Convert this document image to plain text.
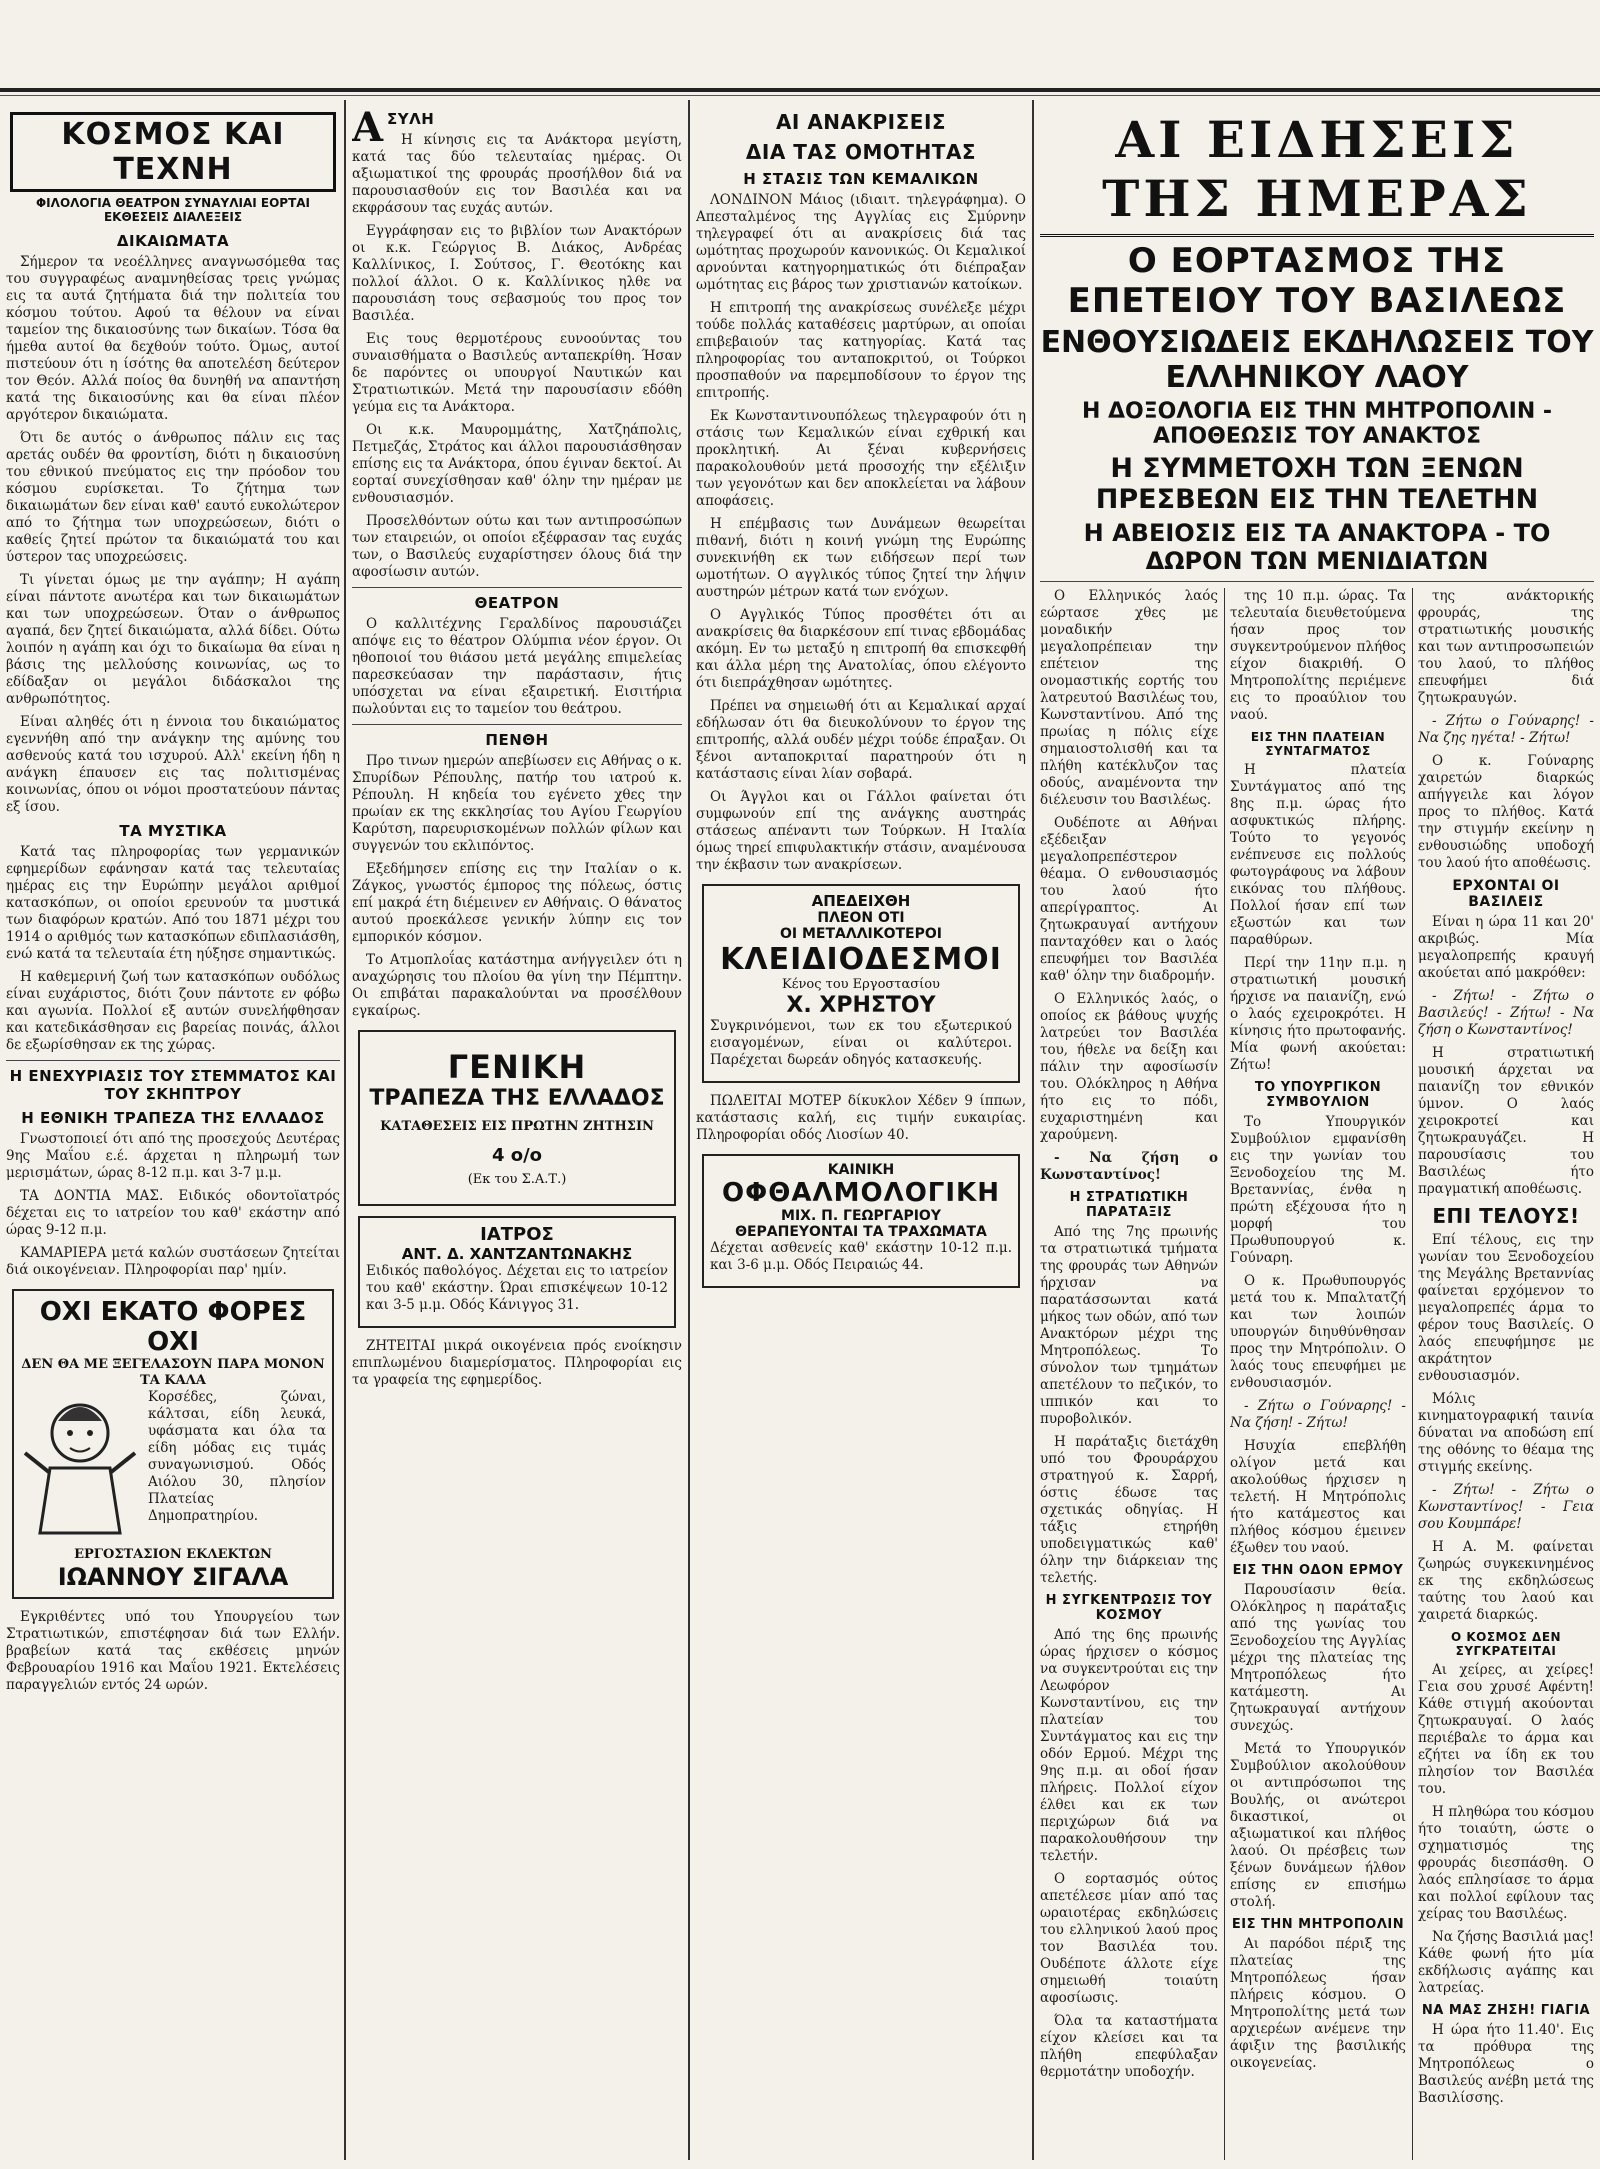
ΚΟΣΜΟΣ ΚΑΙ ΤΕΧΝΗ
ΦΙΛΟΛΟΓΙΑ ΘΕΑΤΡΟΝ ΣΥΝΑΥΛΙΑΙ ΕΟΡΤΑΙ ΕΚΘΕΣΕΙΣ ΔΙΑΛΕΞΕΙΣ
ΔΙΚΑΙΩΜΑΤΑ

Σήμερον τα νεοέλληνες αναγνωσόμεθα τας του συγγραφέως αναμνηθείσας τρεις γνώμας εις τα αυτά ζητήματα διά την πολιτεία του κόσμου τούτου. Αφού τα θέλουν να είναι ταμείον της δικαιοσύνης των δικαίων. Τόσα θα ήμεθα αυτοί θα δεχθούν τούτο. Όμως, αυτοί πιστεύουν ότι η ίσότης θα αποτελέση δεύτερον τον Θεόν. Αλλά ποίος θα δυνηθή να απαντήση κατά της δικαιοσύνης και θα είναι πλέον αργότερον δικαιώματα.

Ότι δε αυτός ο άνθρωπος πάλιν εις τας αρετάς ουδέν θα φροντίση, διότι η δικαιοσύνη του εθνικού πνεύματος εις την πρόοδον του κόσμου ευρίσκεται. Το ζήτημα των δικαιωμάτων δεν είναι καθ' εαυτό ευκολώτερον από το ζήτημα των υποχρεώσεων, διότι ο καθείς ζητεί πρώτον τα δικαιώματά του και ύστερον τας υποχρεώσεις.

Τι γίνεται όμως με την αγάπην; Η αγάπη είναι πάντοτε ανωτέρα και των δικαιωμάτων και των υποχρεώσεων. Όταν ο άνθρωπος αγαπά, δεν ζητεί δικαιώματα, αλλά δίδει. Ούτω λοιπόν η αγάπη και όχι το δικαίωμα θα είναι η βάσις της μελλούσης κοινωνίας, ως το εδίδαξαν οι μεγάλοι διδάσκαλοι της ανθρωπότητος.

Είναι αληθές ότι η έννοια του δικαιώματος εγεννήθη από την ανάγκην της αμύνης του ασθενούς κατά του ισχυρού. Αλλ' εκείνη ήδη η ανάγκη έπαυσεν εις τας πολιτισμένας κοινωνίας, όπου οι νόμοι προστατεύουν πάντας εξ ίσου.

ΤΑ ΜΥΣΤΙΚΑ

Κατά τας πληροφορίας των γερμανικών εφημερίδων εφάνησαν κατά τας τελευταίας ημέρας εις την Ευρώπην μεγάλοι αριθμοί κατασκόπων, οι οποίοι ερευνούν τα μυστικά των διαφόρων κρατών. Από του 1871 μέχρι του 1914 ο αριθμός των κατασκόπων εδιπλασιάσθη, ενώ κατά τα τελευταία έτη ηύξησε σημαντικώς.

Η καθεμερινή ζωή των κατασκόπων ουδόλως είναι ευχάριστος, διότι ζουν πάντοτε εν φόβω και αγωνία. Πολλοί εξ αυτών συνελήφθησαν και κατεδικάσθησαν εις βαρείας ποινάς, άλλοι δε εξωρίσθησαν εκ της χώρας.

Η ΕΝΕΧΥΡΙΑΣΙΣ ΤΟΥ ΣΤΕΜΜΑΤΟΣ ΚΑΙ ΤΟΥ ΣΚΗΠΤΡΟΥ
Η ΕΘΝΙΚΗ ΤΡΑΠΕΖΑ ΤΗΣ ΕΛΛΑΔΟΣ

Γνωστοποιεί ότι από της προσεχούς Δευτέρας 9ης Μαΐου ε.έ. άρχεται η πληρωμή των μερισμάτων, ώρας 8-12 π.μ. και 3-7 μ.μ.

ΤΑ ΔΟΝΤΙΑ ΜΑΣ. Ειδικός οδοντοϊατρός δέχεται εις το ιατρείον του καθ' εκάστην από ώρας 9-12 π.μ.

ΚΑΜΑΡΙΕΡΑ μετά καλών συστάσεων ζητείται διά οικογένειαν. Πληροφορίαι παρ' ημίν.

ΟΧΙ ΕΚΑΤΟ ΦΟΡΕΣ ΟΧΙ
ΔΕΝ ΘΑ ΜΕ ΞΕΓΕΛΑΣΟΥΝ ΠΑΡΑ ΜΟΝΟΝ ΤΑ ΚΑΛΑ

Κορσέδες, ζώναι, κάλτσαι, είδη λευκά, υφάσματα και όλα τα είδη μόδας εις τιμάς συναγωνισμού. Οδός Αιόλου 30, πλησίον Πλατείας Δημοπρατηρίου.

ΕΡΓΟΣΤΑΣΙΟΝ ΕΚΛΕΚΤΩΝ
ΙΩΑΝΝΟΥ ΣΙΓΑΛΑ

Εγκριθέντες υπό του Υπουργείου των Στρατιωτικών, επιστέφησαν διά των Ελλήν. βραβείων κατά τας εκθέσεις μηνών Φεβρουαρίου 1916 και Μαΐου 1921. Εκτελέσεις παραγγελιών εντός 24 ωρών.

Α ΣΥΛΗ

Η κίνησις εις τα Ανάκτορα μεγίστη, κατά τας δύο τελευταίας ημέρας. Οι αξιωματικοί της φρουράς προσήλθον διά να παρουσιασθούν εις τον Βασιλέα και να εκφράσουν τας ευχάς αυτών.

Εγγράφησαν εις το βιβλίον των Ανακτόρων οι κ.κ. Γεώργιος Β. Διάκος, Ανδρέας Καλλίνικος, Ι. Σούτσος, Γ. Θεοτόκης και πολλοί άλλοι. Ο κ. Καλλίνικος ηλθε να παρουσιάση τους σεβασμούς του προς τον Βασιλέα.

Εις τους θερμοτέρους ευνοούντας του συναισθήματα ο Βασιλεύς ανταπεκρίθη. Ήσαν δε παρόντες οι υπουργοί Ναυτικών και Στρατιωτικών. Μετά την παρουσίασιν εδόθη γεύμα εις τα Ανάκτορα.

Οι κ.κ. Μαυρομμάτης, Χατζηάπολις, Πετμεζάς, Στράτος και άλλοι παρουσιάσθησαν επίσης εις τα Ανάκτορα, όπου έγιναν δεκτοί. Αι εορταί συνεχίσθησαν καθ' όλην την ημέραν με ενθουσιασμόν.

Προσελθόντων ούτω και των αντιπροσώπων των εταιρειών, οι οποίοι εξέφρασαν τας ευχάς των, ο Βασιλεύς ευχαρίστησεν όλους διά την αφοσίωσιν αυτών.

ΘΕΑΤΡΟΝ

Ο καλλιτέχνης Γεραλδίνος παρουσιάζει απόψε εις το θέατρον Ολύμπια νέον έργον. Οι ηθοποιοί του θιάσου μετά μεγάλης επιμελείας παρεσκεύασαν την παράστασιν, ήτις υπόσχεται να είναι εξαιρετική. Εισιτήρια πωλούνται εις το ταμείον του θεάτρου.

ΠΕΝΘΗ

Προ τινων ημερών απεβίωσεν εις Αθήνας ο κ. Σπυρίδων Ρέπουλης, πατήρ του ιατρού κ. Ρέπουλη. Η κηδεία του εγένετο χθες την πρωίαν εκ της εκκλησίας του Αγίου Γεωργίου Καρύτση, παρευρισκομένων πολλών φίλων και συγγενών του εκλιπόντος.

Εξεδήμησεν επίσης εις την Ιταλίαν ο κ. Ζάγκος, γνωστός έμπορος της πόλεως, όστις επί μακρά έτη διέμεινεν εν Αθήναις. Ο θάνατος αυτού προεκάλεσε γενικήν λύπην εις τον εμπορικόν κόσμον.

Το Ατμοπλοΐας κατάστημα ανήγγειλεν ότι η αναχώρησις του πλοίου θα γίνη την Πέμπτην. Οι επιβάται παρακαλούνται να προσέλθουν εγκαίρως.

ΓΕΝΙΚΗ
ΤΡΑΠΕΖΑ ΤΗΣ ΕΛΛΑΔΟΣ
ΚΑΤΑΘΕΣΕΙΣ ΕΙΣ ΠΡΩΤΗΝ ΖΗΤΗΣΙΝ
4 ο/ο
(Εκ του Σ.Α.Τ.)
ΙΑΤΡΟΣ
ΑΝΤ. Δ. ΧΑΝΤΖΑΝΤΩΝΑΚΗΣ

Ειδικός παθολόγος. Δέχεται εις το ιατρείον του καθ' εκάστην. Ώραι επισκέψεων 10-12 και 3-5 μ.μ. Οδός Κάνιγγος 31.

ΖΗΤΕΙΤΑΙ μικρά οικογένεια πρός ενοίκησιν επιπλωμένου διαμερίσματος. Πληροφορίαι εις τα γραφεία της εφημερίδος.

ΑΙ ΑΝΑΚΡΙΣΕΙΣ
ΔΙΑ ΤΑΣ ΟΜΟΤΗΤΑΣ
Η ΣΤΑΣΙΣ ΤΩΝ ΚΕΜΑΛΙΚΩΝ

ΛΟΝΔΙΝΟΝ Μάιος (ιδιαιτ. τηλεγράφημα). Ο Απεσταλμένος της Αγγλίας εις Σμύρνην τηλεγραφεί ότι αι ανακρίσεις διά τας ωμότητας προχωρούν κανονικώς. Οι Κεμαλικοί αρνούνται κατηγορηματικώς ότι διέπραξαν ωμότητας εις βάρος των χριστιανών κατοίκων.

Η επιτροπή της ανακρίσεως συνέλεξε μέχρι τούδε πολλάς καταθέσεις μαρτύρων, αι οποίαι επιβεβαιούν τας κατηγορίας. Κατά τας πληροφορίας του ανταποκριτού, οι Τούρκοι προσπαθούν να παρεμποδίσουν το έργον της επιτροπής.

Εκ Κωνσταντινουπόλεως τηλεγραφούν ότι η στάσις των Κεμαλικών είναι εχθρική και προκλητική. Αι ξέναι κυβερνήσεις παρακολουθούν μετά προσοχής την εξέλιξιν των γεγονότων και δεν αποκλείεται να λάβουν αποφάσεις.

Η επέμβασις των Δυνάμεων θεωρείται πιθανή, διότι η κοινή γνώμη της Ευρώπης συνεκινήθη εκ των ειδήσεων περί των ωμοτήτων. Ο αγγλικός τύπος ζητεί την λήψιν αυστηρών μέτρων κατά των ενόχων.

Ο Αγγλικός Τύπος προσθέτει ότι αι ανακρίσεις θα διαρκέσουν επί τινας εβδομάδας ακόμη. Εν τω μεταξύ η επιτροπή θα επισκεφθή και άλλα μέρη της Ανατολίας, όπου ελέγοντο ότι διεπράχθησαν ωμότητες.

Πρέπει να σημειωθή ότι αι Κεμαλικαί αρχαί εδήλωσαν ότι θα διευκολύνουν το έργον της επιτροπής, αλλά ουδέν μέχρι τούδε έπραξαν. Οι ξένοι ανταποκριταί παρατηρούν ότι η κατάστασις είναι λίαν σοβαρά.

Οι Άγγλοι και οι Γάλλοι φαίνεται ότι συμφωνούν επί της ανάγκης αυστηράς στάσεως απέναντι των Τούρκων. Η Ιταλία όμως τηρεί επιφυλακτικήν στάσιν, αναμένουσα την έκβασιν των ανακρίσεων.

ΑΠΕΔΕΙΧΘΗ
ΠΛΕΟΝ ΟΤΙ
ΟΙ ΜΕΤΑΛΛΙΚΟΤΕΡΟΙ
ΚΛΕΙΔΙΟΔΕΣΜΟΙ
Κένος του Εργοστασίου
Χ. ΧΡΗΣΤΟΥ

Συγκρινόμενοι, των εκ του εξωτερικού εισαγομένων, είναι οι καλύτεροι. Παρέχεται δωρεάν οδηγός κατασκευής.

ΠΩΛΕΙΤΑΙ ΜΟΤΕΡ δίκυκλον Χέδεν 9 ίππων, κατάστασις καλή, εις τιμήν ευκαιρίας. Πληροφορίαι οδός Λιοσίων 40.

ΚΑΙΝΙΚΗ
ΟΦΘΑΛΜΟΛΟΓΙΚΗ
ΜΙΧ. Π. ΓΕΩΡΓΑΡΙΟΥ
ΘΕΡΑΠΕΥΟΝΤΑΙ ΤΑ ΤΡΑΧΩΜΑΤΑ

Δέχεται ασθενείς καθ' εκάστην 10-12 π.μ. και 3-6 μ.μ. Οδός Πειραιώς 44.

ΑΙ ΕΙΔΗΣΕΙΣ ΤΗΣ ΗΜΕΡΑΣ
Ο ΕΟΡΤΑΣΜΟΣ ΤΗΣ ΕΠΕΤΕΙΟΥ ΤΟΥ ΒΑΣΙΛΕΩΣ
ΕΝΘΟΥΣΙΩΔΕΙΣ ΕΚΔΗΛΩΣΕΙΣ ΤΟΥ ΕΛΛΗΝΙΚΟΥ ΛΑΟΥ
Η ΔΟΞΟΛΟΓΙΑ ΕΙΣ ΤΗΝ ΜΗΤΡΟΠΟΛΙΝ - ΑΠΟΘΕΩΣΙΣ ΤΟΥ ΑΝΑΚΤΟΣ
Η ΣΥΜΜΕΤΟΧΗ ΤΩΝ ΞΕΝΩΝ ΠΡΕΣΒΕΩΝ ΕΙΣ ΤΗΝ ΤΕΛΕΤΗΝ
Η ΑΒΕΙΟΣΙΣ ΕΙΣ ΤΑ ΑΝΑΚΤΟΡΑ - ΤΟ ΔΩΡΟΝ ΤΩΝ ΜΕΝΙΔΙΑΤΩΝ

Ο Ελληνικός λαός εώρτασε χθες με μοναδικήν μεγαλοπρέπειαν την επέτειον της ονομαστικής εορτής του λατρευτού Βασιλέως του, Κωνσταντίνου. Από της πρωίας η πόλις είχε σημαιοστολισθή και τα πλήθη κατέκλυζον τας οδούς, αναμένοντα την διέλευσιν του Βασιλέως.

Ουδέποτε αι Αθήναι εξέδειξαν μεγαλοπρεπέστερον θέαμα. Ο ενθουσιασμός του λαού ήτο απερίγραπτος. Αι ζητωκραυγαί αντήχουν πανταχόθεν και ο λαός επευφήμει τον Βασιλέα καθ' όλην την διαδρομήν.

Ο Ελληνικός λαός, ο οποίος εκ βάθους ψυχής λατρεύει τον Βασιλέα του, ήθελε να δείξη και πάλιν την αφοσίωσίν του. Ολόκληρος η Αθήνα ήτο εις το πόδι, ευχαριστημένη και χαρούμενη.

- Να ζήση ο Κωνσταντίνος!

Η ΣΤΡΑΤΙΩΤΙΚΗ ΠΑΡΑΤΑΞΙΣ

Από της 7ης πρωινής τα στρατιωτικά τμήματα της φρουράς των Αθηνών ήρχισαν να παρατάσσωνται κατά μήκος των οδών, από των Ανακτόρων μέχρι της Μητροπόλεως. Το σύνολον των τμημάτων απετέλουν το πεζικόν, το ιππικόν και το πυροβολικόν.

Η παράταξις διετάχθη υπό του Φρουράρχου στρατηγού κ. Σαρρή, όστις έδωσε τας σχετικάς οδηγίας. Η τάξις ετηρήθη υποδειγματικώς καθ' όλην την διάρκειαν της τελετής.

Η ΣΥΓΚΕΝΤΡΩΣΙΣ ΤΟΥ ΚΟΣΜΟΥ

Από της 6ης πρωινής ώρας ήρχισεν ο κόσμος να συγκεντρούται εις την Λεωφόρον Κωνσταντίνου, εις την πλατείαν του Συντάγματος και εις την οδόν Ερμού. Μέχρι της 9ης π.μ. αι οδοί ήσαν πλήρεις. Πολλοί είχον έλθει και εκ των περιχώρων διά να παρακολουθήσουν την τελετήν.

Ο εορτασμός ούτος απετέλεσε μίαν από τας ωραιοτέρας εκδηλώσεις του ελληνικού λαού προς τον Βασιλέα του. Ουδέποτε άλλοτε είχε σημειωθή τοιαύτη αφοσίωσις.

Όλα τα καταστήματα είχον κλείσει και τα πλήθη επεφύλαξαν θερμοτάτην υποδοχήν.

της 10 π.μ. ώρας. Τα τελευταία διευθετούμενα ήσαν προς τον συγκεντρούμενον πλήθος είχον διακριθή. Ο Μητροπολίτης περιέμενε εις το προαύλιον του ναού.

ΕΙΣ ΤΗΝ ΠΛΑΤΕΙΑΝ ΣΥΝΤΑΓΜΑΤΟΣ

Η πλατεία Συντάγματος από της 8ης π.μ. ώρας ήτο ασφυκτικώς πλήρης. Τούτο το γεγονός ενέπνευσε εις πολλούς φωτογράφους να λάβουν εικόνας του πλήθους. Πολλοί ήσαν επί των εξωστών και των παραθύρων.

Περί την 11ην π.μ. η στρατιωτική μουσική ήρχισε να παιανίζη, ενώ ο λαός εχειροκρότει. Η κίνησις ήτο πρωτοφανής. Μία φωνή ακούεται: Ζήτω!

ΤΟ ΥΠΟΥΡΓΙΚΟΝ ΣΥΜΒΟΥΛΙΟΝ

Το Υπουργικόν Συμβούλιον εμφανίσθη εις την γωνίαν του Ξενοδοχείου της Μ. Βρεταννίας, ένθα η πρώτη εξέχουσα ήτο η μορφή του Πρωθυπουργού κ. Γούναρη.

Ο κ. Πρωθυπουργός μετά του κ. Μπαλτατζή και των λοιπών υπουργών διηυθύνθησαν προς την Μητρόπολιν. Ο λαός τους επευφήμει με ενθουσιασμόν.

- Ζήτω ο Γούναρης! - Να ζήση! - Ζήτω!

Ησυχία επεβλήθη ολίγον μετά και ακολούθως ήρχισεν η τελετή. Η Μητρόπολις ήτο κατάμεστος και πλήθος κόσμου έμεινεν έξωθεν του ναού.

ΕΙΣ ΤΗΝ ΟΔΟΝ ΕΡΜΟΥ

Παρουσίασιν θεία. Ολόκληρος η παράταξις από της γωνίας του Ξενοδοχείου της Αγγλίας μέχρι της πλατείας της Μητροπόλεως ήτο κατάμεστη. Αι ζητωκραυγαί αντήχουν συνεχώς.

Μετά το Υπουργικόν Συμβούλιον ακολούθουν οι αντιπρόσωποι της Βουλής, οι ανώτεροι δικαστικοί, οι αξιωματικοί και πλήθος λαού. Οι πρέσβεις των ξένων δυνάμεων ήλθον επίσης εν επισήμω στολή.

ΕΙΣ ΤΗΝ ΜΗΤΡΟΠΟΛΙΝ

Αι παρόδοι πέριξ της πλατείας της Μητροπόλεως ήσαν πλήρεις κόσμου. Ο Μητροπολίτης μετά των αρχιερέων ανέμενε την άφιξιν της βασιλικής οικογενείας.

της ανάκτορικής φρουράς, της στρατιωτικής μουσικής και των αντιπροσωπειών του λαού, το πλήθος επευφήμει διά ζητωκραυγών.

- Ζήτω ο Γούναρης! - Να ζης ηγέτα! - Ζήτω!

Ο κ. Γούναρης χαιρετών διαρκώς απήγγειλε και λόγον προς το πλήθος. Κατά την στιγμήν εκείνην η ενθουσιώδης υποδοχή του λαού ήτο αποθέωσις.

ΕΡΧΟΝΤΑΙ ΟΙ ΒΑΣΙΛΕΙΣ

Είναι η ώρα 11 και 20' ακριβώς. Μία μεγαλοπρεπής κραυγή ακούεται από μακρόθεν:

- Ζήτω! - Ζήτω ο Βασιλεύς! - Ζήτω! - Να ζήση ο Κωνσταντίνος!

Η στρατιωτική μουσική άρχεται να παιανίζη τον εθνικόν ύμνον. Ο λαός χειροκροτεί και ζητωκραυγάζει. Η παρουσίασις του Βασιλέως ήτο πραγματική αποθέωσις.

ΕΠΙ ΤΕΛΟΥΣ!

Επί τέλους, εις την γωνίαν του Ξενοδοχείου της Μεγάλης Βρεταννίας φαίνεται ερχόμενον το μεγαλοπρεπές άρμα το φέρον τους Βασιλείς. Ο λαός επευφήμησε με ακράτητον ενθουσιασμόν.

Μόλις κινηματογραφική ταινία δύναται να αποδώση επί της οθόνης το θέαμα της στιγμής εκείνης.

- Ζήτω! - Ζήτω ο Κωνσταντίνος! - Γεια σου Κουμπάρε!

Η Α. Μ. φαίνεται ζωηρώς συγκεκινημένος εκ της εκδηλώσεως ταύτης του λαού και χαιρετά διαρκώς.

Ο ΚΟΣΜΟΣ ΔΕΝ ΣΥΓΚΡΑΤΕΙΤΑΙ

Αι χείρες, αι χείρες! Γεια σου χρυσέ Αφέντη! Κάθε στιγμή ακούονται ζητωκραυγαί. Ο λαός περιέβαλε το άρμα και εζήτει να ίδη εκ του πλησίον τον Βασιλέα του.

Η πληθώρα του κόσμου ήτο τοιαύτη, ώστε ο σχηματισμός της φρουράς διεσπάσθη. Ο λαός επλησίασε το άρμα και πολλοί εφίλουν τας χείρας του Βασιλέως.

Να ζήσης Βασιλιά μας! Κάθε φωνή ήτο μία εκδήλωσις αγάπης και λατρείας.

ΝΑ ΜΑΣ ΖΗΣΗ! ΓΙΑΓΙΑ

Η ώρα ήτο 11.40'. Εις τα πρόθυρα της Μητροπόλεως ο Βασιλεύς ανέβη μετά της Βασιλίσσης.
